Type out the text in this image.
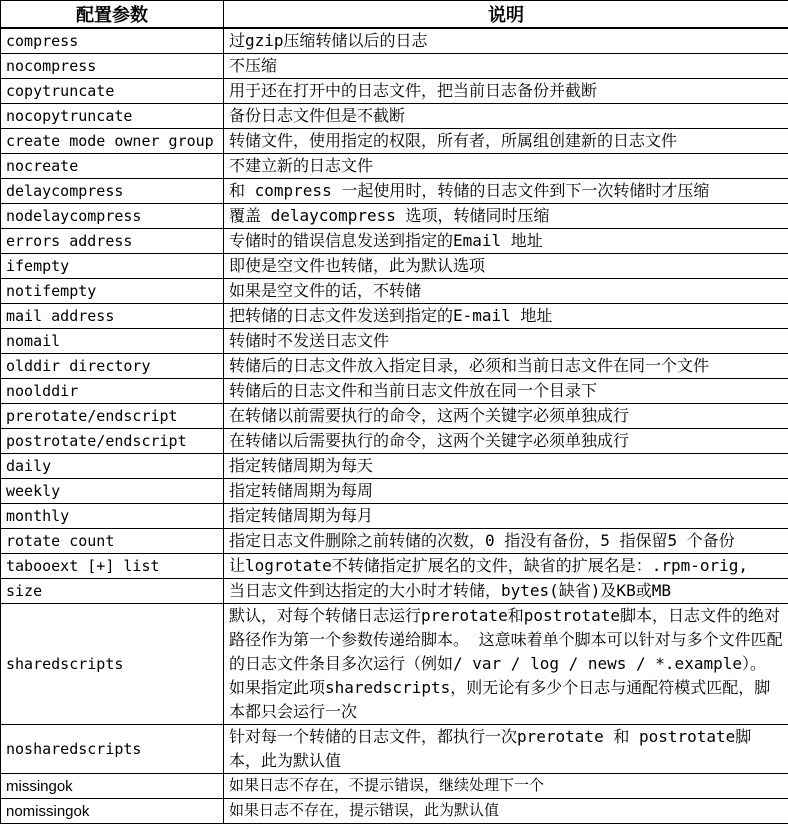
配置参数	说明
compress	过gzip压缩转储以后的日志
nocompress	不压缩
copytruncate	用于还在打开中的日志文件，把当前日志备份并截断
nocopytruncate	备份日志文件但是不截断
create mode owner group	转储文件，使用指定的权限，所有者，所属组创建新的日志文件
nocreate	不建立新的日志文件
delaycompress	和 compress 一起使用时，转储的日志文件到下一次转储时才压缩
nodelaycompress	覆盖 delaycompress 选项，转储同时压缩
errors address	专储时的错误信息发送到指定的Email 地址
ifempty	即使是空文件也转储，此为默认选项
notifempty	如果是空文件的话，不转储
mail address	把转储的日志文件发送到指定的E-mail 地址
nomail	转储时不发送日志文件
olddir directory	转储后的日志文件放入指定目录，必须和当前日志文件在同一个文件
noolddir	转储后的日志文件和当前日志文件放在同一个目录下
prerotate/endscript	在转储以前需要执行的命令，这两个关键字必须单独成行
postrotate/endscript	在转储以后需要执行的命令，这两个关键字必须单独成行
daily	指定转储周期为每天
weekly	指定转储周期为每周
monthly	指定转储周期为每月
rotate count	指定日志文件删除之前转储的次数，0 指没有备份，5 指保留5 个备份
tabooext [+] list	让logrotate不转储指定扩展名的文件，缺省的扩展名是：.rpm-orig,
size	当日志文件到达指定的大小时才转储，bytes(缺省)及KB或MB
sharedscripts	默认，对每个转储日志运行prerotate和postrotate脚本，日志文件的绝对路径作为第一个参数传递给脚本。 这意味着单个脚本可以针对与多个文件匹配的日志文件条目多次运行（例如/ var / log / news / *.example）。 如果指定此项sharedscripts，则无论有多少个日志与通配符模式匹配，脚本都只会运行一次
nosharedscripts	针对每一个转储的日志文件，都执行一次prerotate 和 postrotate脚本，此为默认值
missingok	如果日志不存在，不提示错误，继续处理下一个
nomissingok	如果日志不存在，提示错误，此为默认值
